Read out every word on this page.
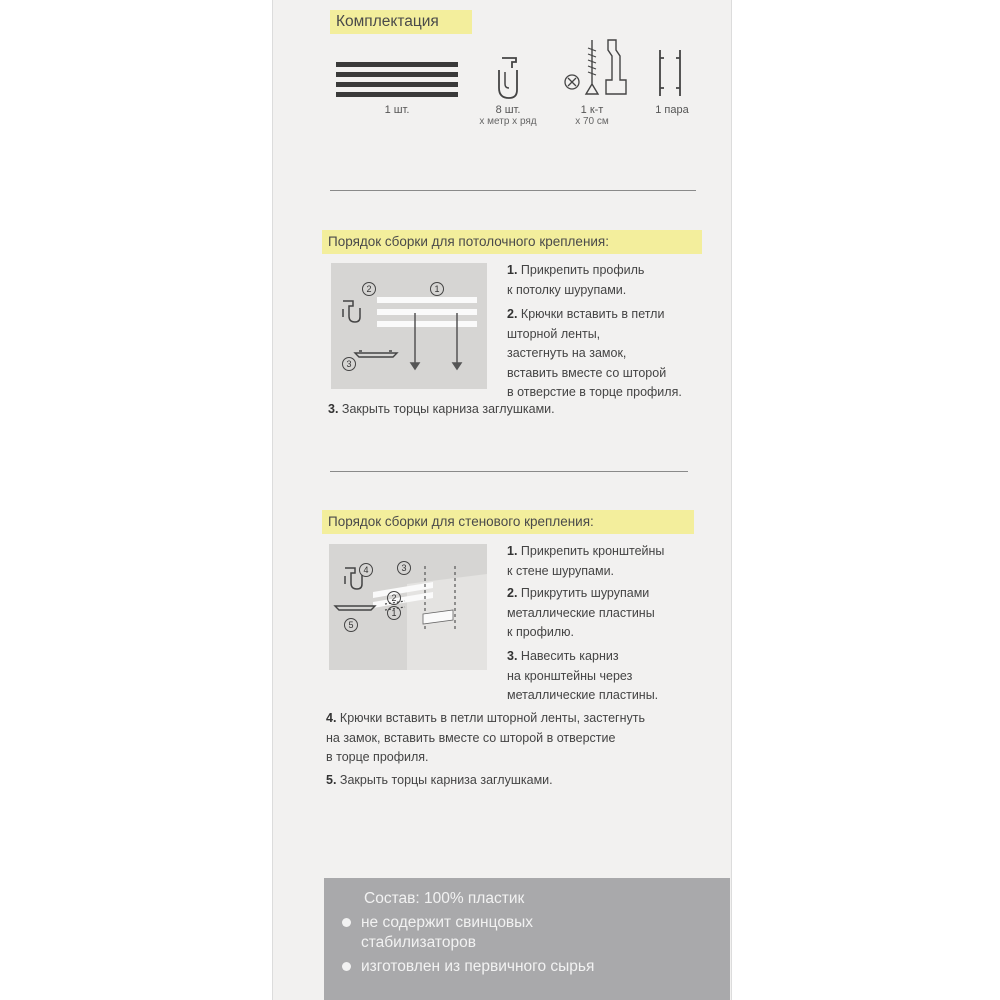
Комплектация
1 шт.	8 шт.
x метр x ряд
1 к-т
x 70 см
1 пара
Порядок сборки для потолочного крепления:
2	1
3

1. Прикрепить профиль

к потолку шурупами.

2. Крючки вставить в петли

шторной ленты,

застегнуть на замок,

вставить вместе со шторой

в отверстие в торце профиля.

3. Закрыть торцы карниза заглушками.

Порядок сборки для стенового крепления:
4	3
2
1
5

1. Прикрепить кронштейны

к стене шурупами.

2. Прикрутить шурупами

металлические пластины

к профилю.

3. Навесить карниз

на кронштейны через

металлические пластины.

4. Крючки вставить в петли шторной ленты, застегнуть

на замок, вставить вместе со шторой в отверстие

в торце профиля.

5. Закрыть торцы карниза заглушками.

Состав: 100% пластик
не содержит свинцовых
стабилизаторов
изготовлен из первичного сырья
